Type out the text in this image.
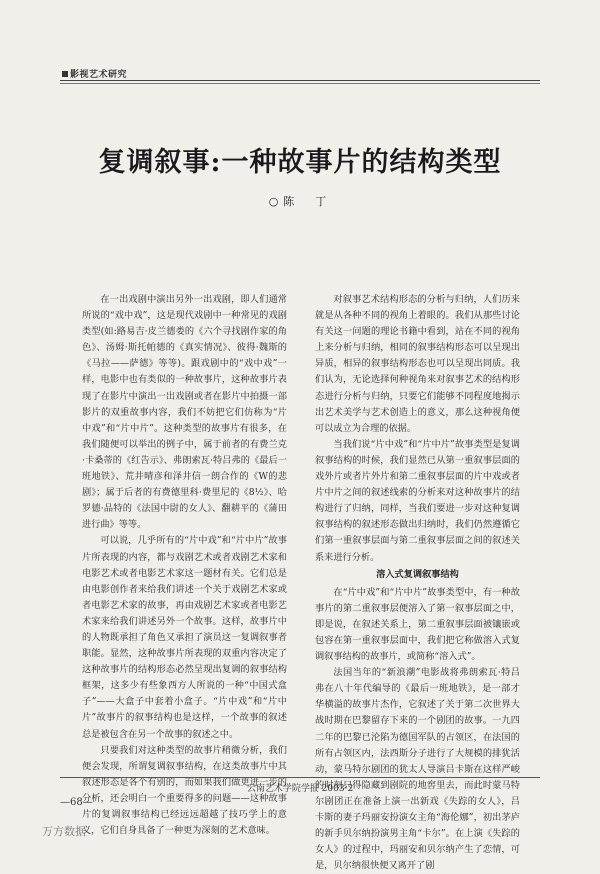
影视艺术研究
复调叙事:一种故事片的结构类型
○陈　丁

在一出戏剧中演出另外一出戏剧，即人们通常所说的“戏中戏”，这是现代戏剧中一种常见的戏剧类型(如:路易吉·皮兰德娄的《六个寻找剧作家的角色》、汤姆·斯托帕德的《真实情况》、彼得·魏斯的《马拉——萨德》等等)。跟戏剧中的“戏中戏”一样，电影中也有类似的一种故事片，这种故事片表现了在影片中演出一出戏剧或者在影片中拍摄一部影片的双重故事内容，我们不妨把它们仿称为“片中戏”和“片中片”。这种类型的故事片有很多，在我们随便可以举出的例子中，属于前者的有费兰克·卡桑蒂的《红告示》、弗朗索瓦·特吕弗的《最后一班地铁》、荒井晴彦和泽井信一朗合作的《W的悲剧》；属于后者的有费德里科·费里尼的《8½》、哈罗德·品特的《法国中尉的女人》、翻耕平的《蒲田进行曲》等等。

可以说，几乎所有的“片中戏”和“片中片”故事片所表现的内容，都与戏剧艺术或者戏剧艺术家和电影艺术或者电影艺术家这一题材有关。它们总是由电影创作者来给我们讲述一个关于戏剧艺术家或者电影艺术家的故事，再由戏剧艺术家或者电影艺术家来给我们讲述另外一个故事。这样，故事片中的人物既承担了角色又承担了演员这一复调叙事者职能。显然，这种故事片所表现的双重内容决定了这种故事片的结构形态必然呈现出复调的叙事结构框架，这多少有些象西方人所说的一种“中国式盒子”——大盒子中套着小盒子。“片中戏”和“片中片”故事片的叙事结构也是这样，一个故事的叙述总是被包含在另一个故事的叙述之中。

只要我们对这种类型的故事片稍微分析，我们便会发现，所谓复调叙事结构，在这类故事片中其叙述形态是各个有别的，而如果我们做更进一步的分析，还会明白一个重要得多的问题——这种故事片的复调叙事结构已经远远超越了技巧学上的意义，它们自身具备了一种更为深刻的艺术意味。

对叙事艺术结构形态的分析与归纳，人们历来就是从各种不同的视角上着眼的。我们从那些讨论有关这一问题的理论书籍中看到，站在不同的视角上来分析与归纳，相同的叙事结构形态可以呈现出异质，相异的叙事结构形态也可以呈现出同质。我们认为，无论选择何种视角来对叙事艺术的结构形态进行分析与归纳，只要它们能够不同程度地揭示出艺术美学与艺术创造上的意义，那么这种视角便可以成立为合理的依据。

当我们说“片中戏”和“片中片”故事类型是复调叙事结构的时候，我们显然已从第一重叙事层面的戏外片或者片外片和第二重叙事层面的片中戏或者片中片之间的叙述线索的分析来对这种故事片的结构进行了归纳，同样，当我们要进一步对这种复调叙事结构的叙述形态做出归纳时，我们仍然遵循它们第一重叙事层面与第二重叙事层面之间的叙述关系来进行分析。

溶入式复调叙事结构

在“片中戏”和“片中片”故事类型中，有一种故事片的第二重叙事层便溶入了第一叙事层面之中，即是说，在叙述关系上，第二重叙事层面被镶嵌或包容在第一重叙事层面中，我们把它称做溶入式复调叙事结构的故事片，或简称“溶入式”。

法国当年的“新浪潮”电影战将弗朗索瓦·特吕弗在八十年代编导的《最后一班地铁》，是一部才华横溢的故事片杰作，它叙述了关于第二次世界大战时期在巴黎留存下来的一个剧团的故事。一九四二年的巴黎已沦陷为德国军队的占领区，在法国的所有占领区内，法西斯分子进行了大规模的排犹活动，蒙马特尔剧团的犹太人导演吕卡斯在这样严峻的时刻只得隐藏到剧院的地窖里去，而此时蒙马特尔剧团正在准备上演一出新戏《失踪的女人》，吕卡斯的妻子玛丽安扮演女主角“海伦娜”，初出茅庐的新手贝尔纳扮演男主角“卡尔”。在上演《失踪的女人》的过程中，玛丽安和贝尔纳产生了恋情，可是，贝尔纳很快便又离开了剧

云南艺术学院学报 2003·2
—68—
万方数据
